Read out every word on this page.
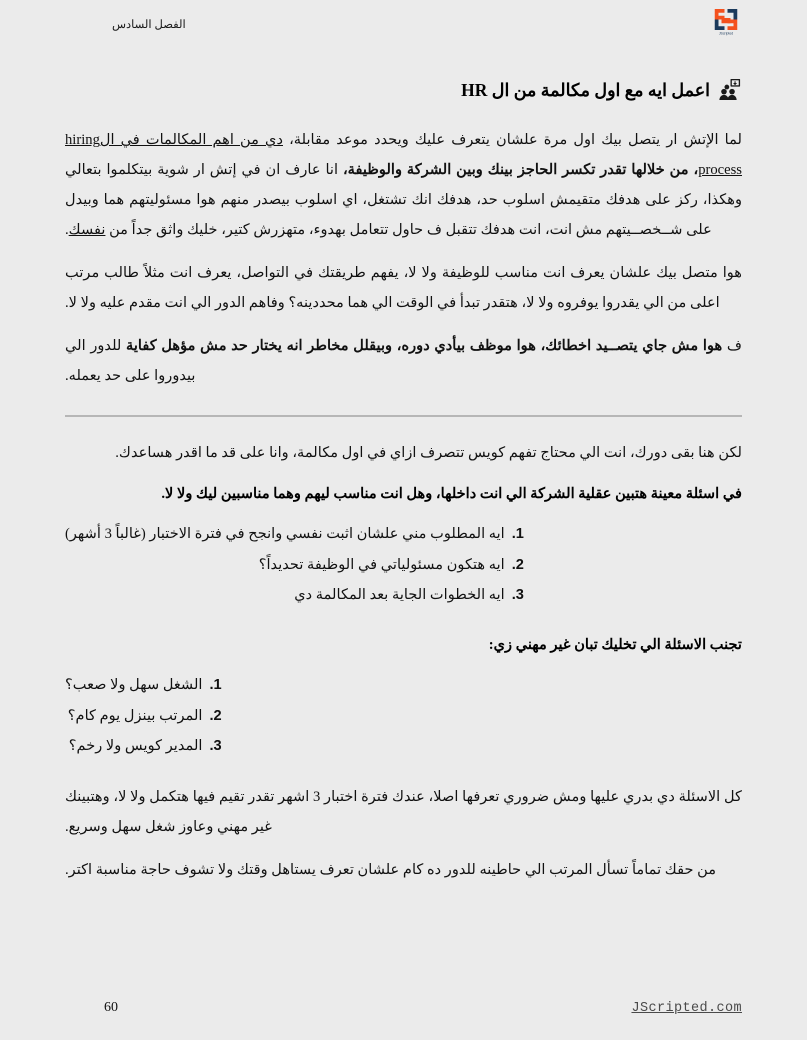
الفصل السادس
JScripted
اعمل ايه مع اول مكالمة من ال HR

لما الإتش ار يتصل بيك اول مرة علشان يتعرف عليك ويحدد موعد مقابلة، دي من اهم المكالمات في الhiring process، من خلالها تقدر تكسر الحاجز بينك وبين الشركة والوظيفة، انا عارف ان في إتش ار شوية بيتكلموا بتعالي وهكذا، ركز على هدفك متقيمش اسلوب حد، هدفك انك تشتغل، اي اسلوب بيصدر منهم هوا مسئوليتهم هما وبيدل على شــخصــيتهم مش انت، انت هدفك تتقبل ف حاول تتعامل بهدوء، متهزرش كتير، خليك واثق جداً من نفسك.

هوا متصل بيك علشان يعرف انت مناسب للوظيفة ولا لا، يفهم طريقتك في التواصل، يعرف انت مثلاً طالب مرتب اعلى من الي يقدروا يوفروه ولا لا، هتقدر تبدأ في الوقت الي هما محددينه؟ وفاهم الدور الي انت مقدم عليه ولا لا.

ف هوا مش جاي يتصــيد اخطائك، هوا موظف بيأدي دوره، وبيقلل مخاطر انه يختار حد مش مؤهل كفاية للدور الي بيدوروا على حد يعمله.

لكن هنا بقى دورك، انت الي محتاج تفهم كويس تتصرف ازاي في اول مكالمة، وانا على قد ما اقدر هساعدك.

في اسئلة معينة هتبين عقلية الشركة الي انت داخلها، وهل انت مناسب ليهم وهما مناسبين ليك ولا لا.

1.
ايه المطلوب مني علشان اثبت نفسي وانجح في فترة الاختبار (غالباً 3 أشهر)
2.
ايه هتكون مسئولياتي في الوظيفة تحديداً؟
3.
ايه الخطوات الجاية بعد المكالمة دي

تجنب الاسئلة الي تخليك تبان غير مهني زي:

1.
الشغل سهل ولا صعب؟
2.
المرتب بينزل يوم كام؟
3.
المدير كويس ولا رخم؟

كل الاسئلة دي بدري عليها ومش ضروري تعرفها اصلا، عندك فترة اختبار 3 اشهر تقدر تقيم فيها هتكمل ولا لا، وهتبينك غير مهني وعاوز شغل سهل وسريع.

من حقك تماماً تسأل المرتب الي حاطينه للدور ده كام علشان تعرف يستاهل وقتك ولا تشوف حاجة مناسبة اكتر.

60	JScripted.com
